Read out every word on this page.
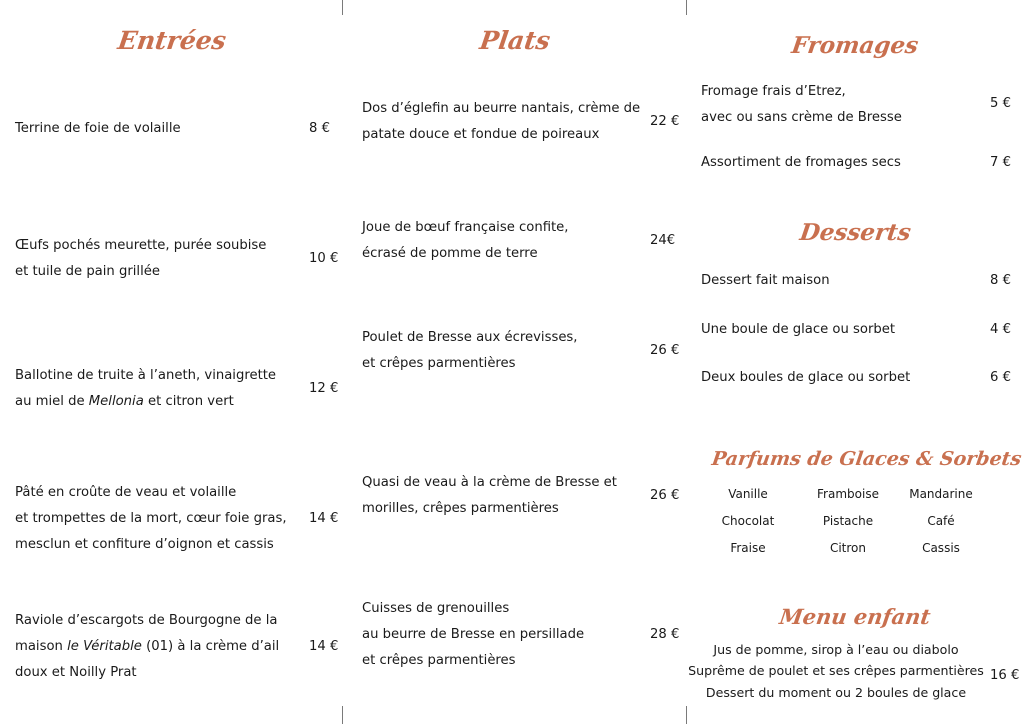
Entrées
Terrine de foie de volaille	8 €
Œufs pochés meurette, purée soubise
et tuile de pain grillée
10 €
Ballotine de truite à l’aneth, vinaigrette
au miel de Mellonia et citron vert
12 €
Pâté en croûte de veau et volaille
et trompettes de la mort, cœur foie gras,
mesclun et confiture d’oignon et cassis
14 €
Raviole d’escargots de Bourgogne de la
maison le Véritable (01) à la crème d’ail
doux et Noilly Prat
14 €
Plats
Dos d’églefin au beurre nantais, crème de
patate douce et fondue de poireaux
22 €
Joue de bœuf française confite,
écrasé de pomme de terre
24€
Poulet de Bresse aux écrevisses,
et crêpes parmentières
26 €
Quasi de veau à la crème de Bresse et
morilles, crêpes parmentières
26 €
Cuisses de grenouilles
au beurre de Bresse en persillade
et crêpes parmentières
28 €
Fromages
Fromage frais d’Etrez,
avec ou sans crème de Bresse
5 €
Assortiment de fromages secs	7 €
Desserts
Dessert fait maison	8 €
Une boule de glace ou sorbet	4 €
Deux boules de glace ou sorbet	6 €
Parfums de Glaces & Sorbets
Vanille	Framboise	Mandarine
Chocolat	Pistache	Café
Fraise	Citron	Cassis
Menu enfant
Jus de pomme, sirop à l’eau ou diabolo
Suprême de poulet et ses crêpes parmentières
Dessert du moment ou 2 boules de glace
16 €
